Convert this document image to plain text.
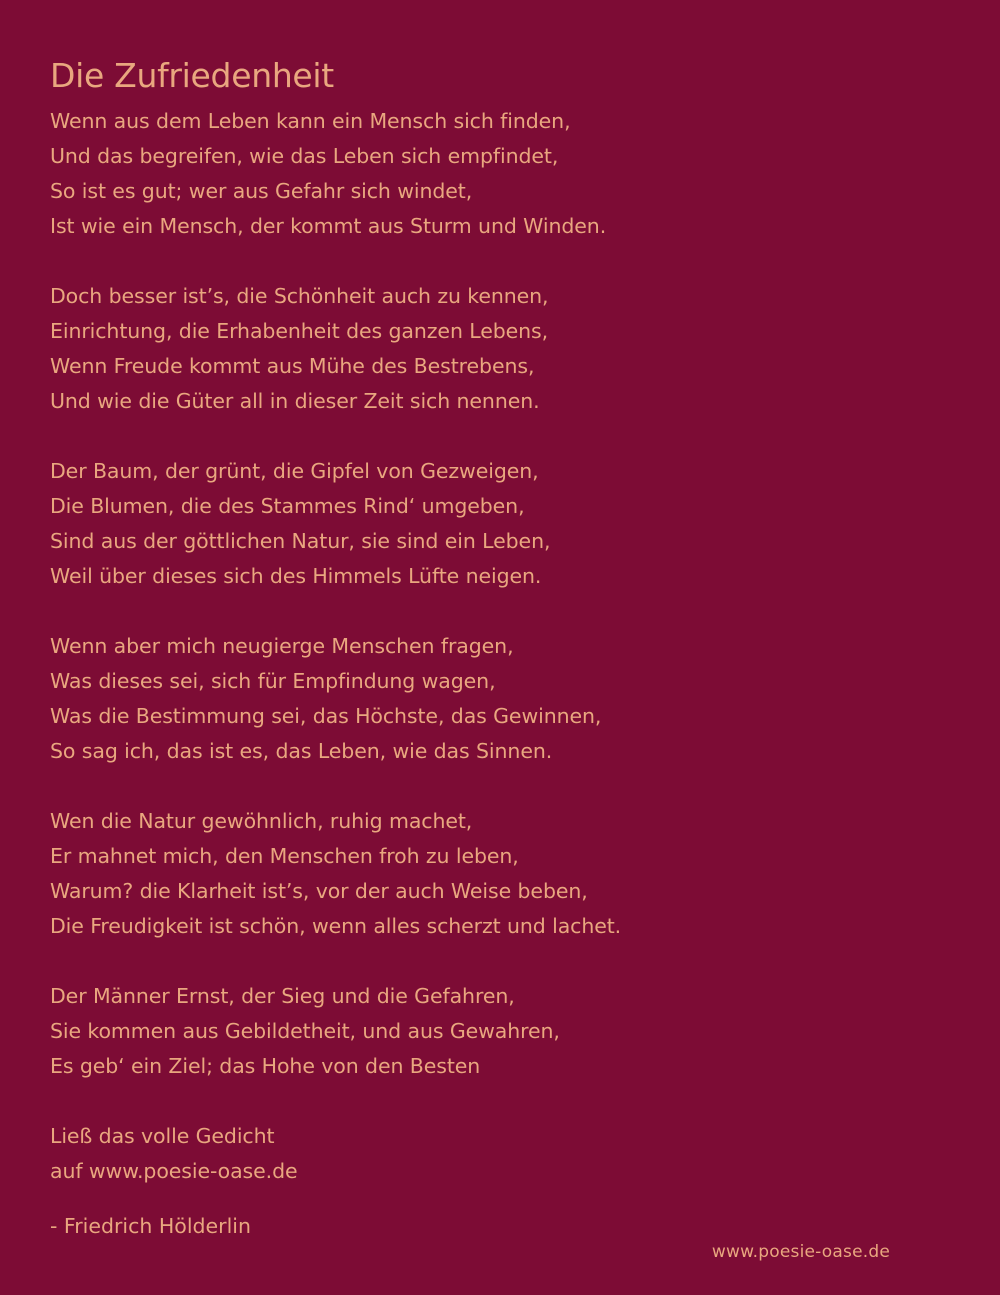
Die Zufriedenheit
Wenn aus dem Leben kann ein Mensch sich finden,
Und das begreifen, wie das Leben sich empfindet,
So ist es gut; wer aus Gefahr sich windet,
Ist wie ein Mensch, der kommt aus Sturm und Winden.
Doch besser ist’s, die Schönheit auch zu kennen,
Einrichtung, die Erhabenheit des ganzen Lebens,
Wenn Freude kommt aus Mühe des Bestrebens,
Und wie die Güter all in dieser Zeit sich nennen.
Der Baum, der grünt, die Gipfel von Gezweigen,
Die Blumen, die des Stammes Rind‘ umgeben,
Sind aus der göttlichen Natur, sie sind ein Leben,
Weil über dieses sich des Himmels Lüfte neigen.
Wenn aber mich neugierge Menschen fragen,
Was dieses sei, sich für Empfindung wagen,
Was die Bestimmung sei, das Höchste, das Gewinnen,
So sag ich, das ist es, das Leben, wie das Sinnen.
Wen die Natur gewöhnlich, ruhig machet,
Er mahnet mich, den Menschen froh zu leben,
Warum? die Klarheit ist’s, vor der auch Weise beben,
Die Freudigkeit ist schön, wenn alles scherzt und lachet.
Der Männer Ernst, der Sieg und die Gefahren,
Sie kommen aus Gebildetheit, und aus Gewahren,
Es geb‘ ein Ziel; das Hohe von den Besten
Ließ das volle Gedicht
auf www.poesie-oase.de
- Friedrich Hölderlin
www.poesie-oase.de
